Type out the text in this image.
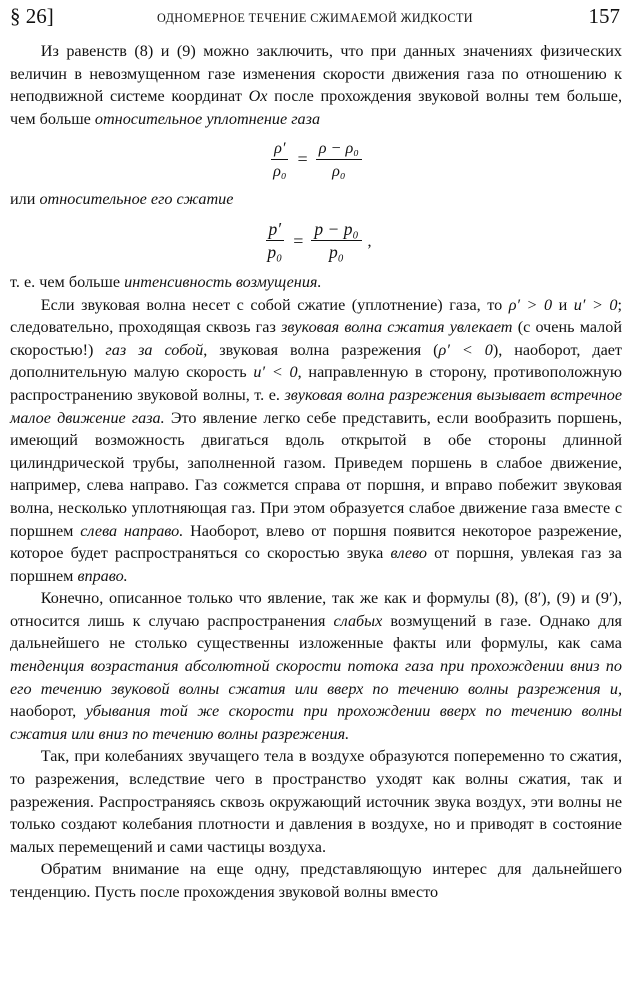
§ 26]	ОДНОМЕРНОЕ ТЕЧЕНИЕ СЖИМАЕМОЙ ЖИДКОСТИ	157

Из равенств (8) и (9) можно заключить, что при данных значениях физических величин в невозмущенном газе изменения скорости движения газа по отношению к неподвижной системе координат Ox после прохождения звуковой волны тем больше, чем больше относительное уплотнение газа

$\frac{\rho'}{\text{ρ₀}} = \frac{\text{ρ − ρ₀}}{\text{ρ₀}}$

или относительное его сжатие

$\frac{p'}{\text{p₀}} = \frac{\text{p − p₀}}{\text{p₀}}$ ,

т. е. чем больше интенсивность возмущения.

Если звуковая волна несет с собой сжатие (уплотнение) газа, то ρ′ > 0 и u′ > 0; следовательно, проходящая сквозь газ звуковая волна сжатия увлекает (с очень малой скоростью!) газ за собой, звуковая волна разрежения (ρ′ < 0), наоборот, дает дополнительную малую скорость u′ < 0, направленную в сторону, противоположную распространению звуковой волны, т. е. звуковая волна разрежения вызывает встречное малое движение газа. Это явление легко себе представить, если вообразить поршень, имеющий возможность двигаться вдоль открытой в обе стороны длинной цилиндрической трубы, заполненной газом. Приведем поршень в слабое движение, например, слева направо. Газ сожмется справа от поршня, и вправо побежит звуковая волна, несколько уплотняющая газ. При этом образуется слабое движение газа вместе с поршнем слева направо. Наоборот, влево от поршня появится некоторое разрежение, которое будет распространяться со скоростью звука влево от поршня, увлекая газ за поршнем вправо.

Конечно, описанное только что явление, так же как и формулы (8), (8′), (9) и (9′), относится лишь к случаю распространения слабых возмущений в газе. Однако для дальнейшего не столько существенны изложенные факты или формулы, как сама тенденция возрастания абсолютной скорости потока газа при прохождении вниз по его течению звуковой волны сжатия или вверх по течению волны разрежения и, наоборот, убывания той же скорости при прохождении вверх по течению волны сжатия или вниз по течению волны разрежения.

Так, при колебаниях звучащего тела в воздухе образуются попеременно то сжатия, то разрежения, вследствие чего в пространство уходят как волны сжатия, так и разрежения. Распространяясь сквозь окружающий источник звука воздух, эти волны не только создают колебания плотности и давления в воздухе, но и приводят в состояние малых перемещений и сами частицы воздуха.

Обратим внимание на еще одну, представляющую интерес для дальнейшего тенденцию. Пусть после прохождения звуковой волны вместо
